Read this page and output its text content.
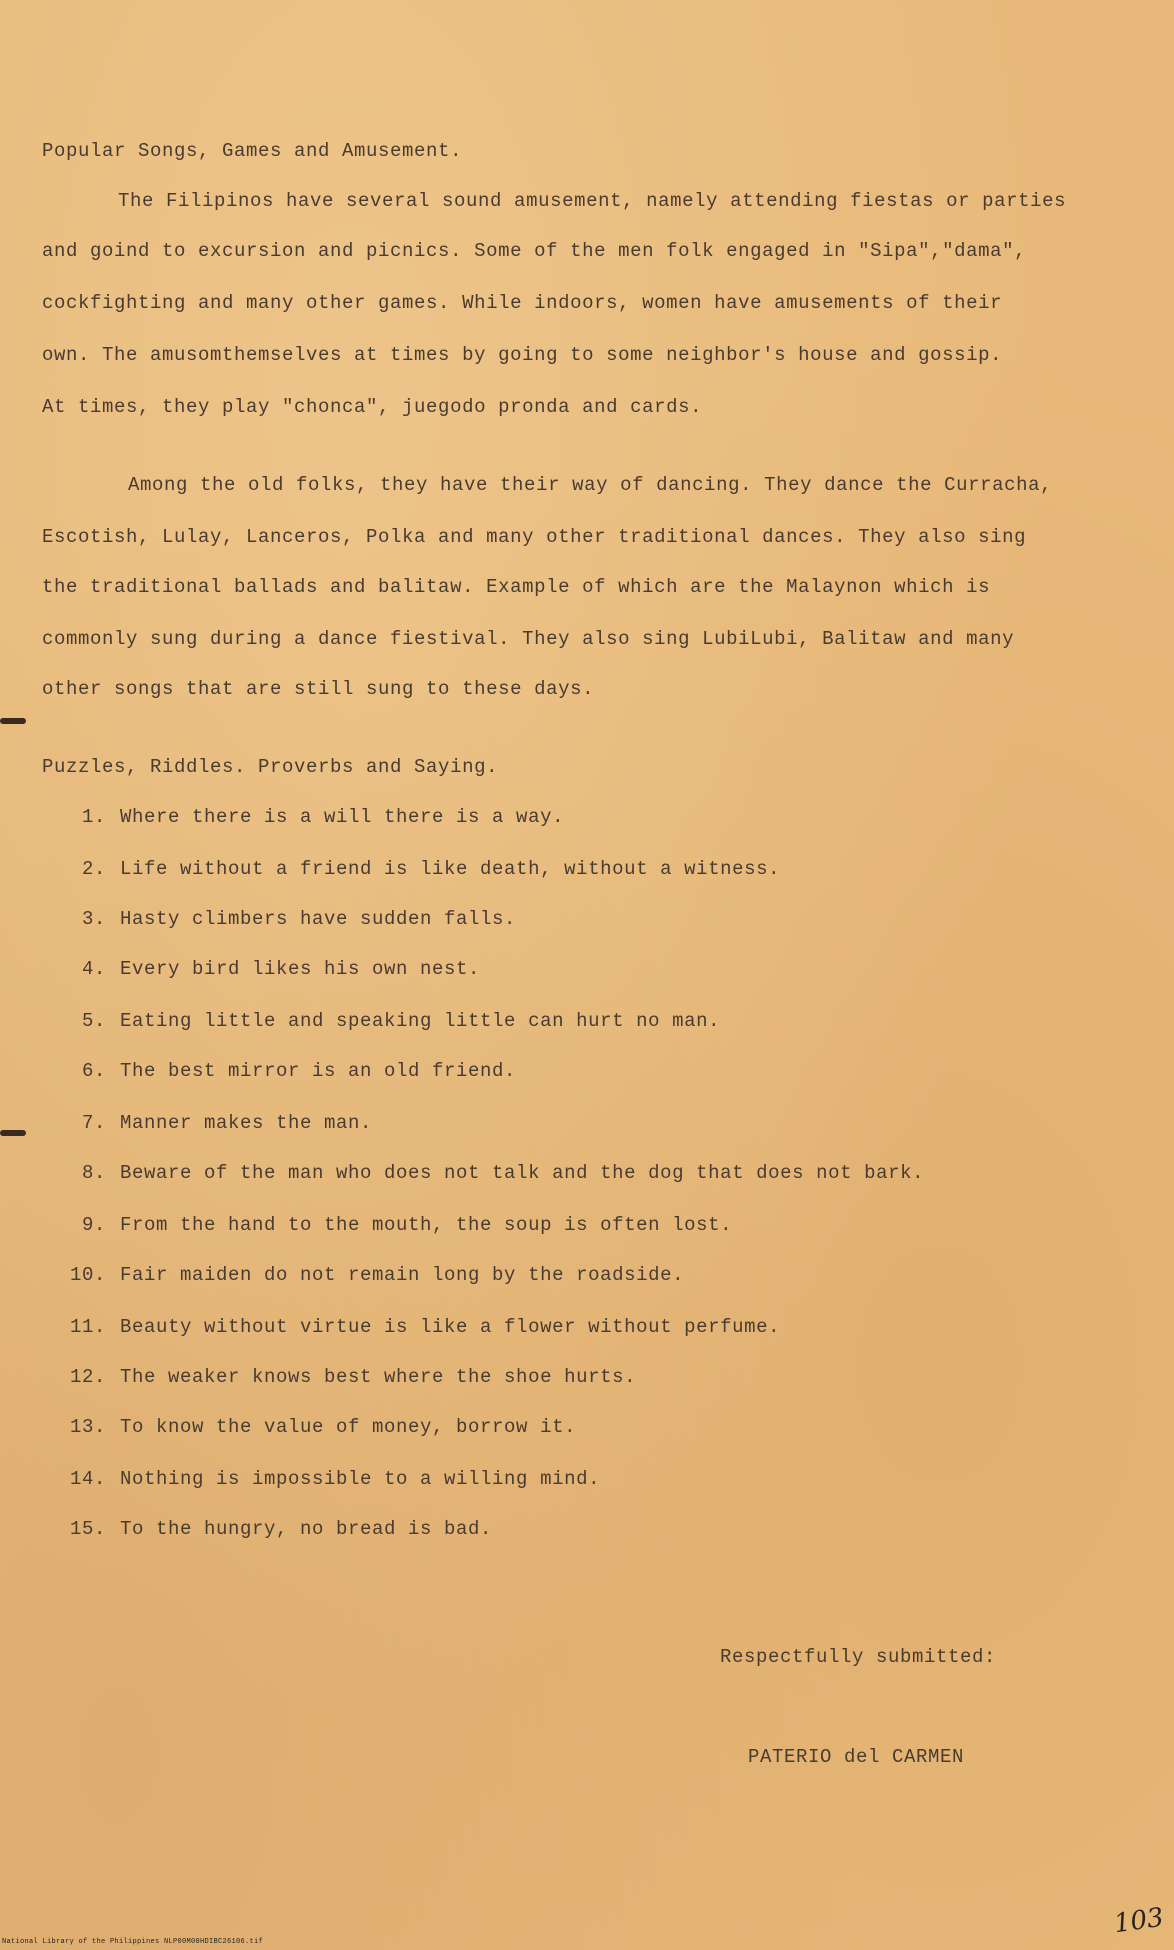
Popular Songs, Games and Amusement.
The Filipinos have several sound amusement, namely attending fiestas or parties
and goind to excursion and picnics. Some of the men folk engaged in "Sipa","dama",
cockfighting and many other games. While indoors, women have amusements of their
own. The amusomthemselves at times by going to some neighbor's house and gossip.
At times, they play "chonca", juegodo pronda and cards.
Among the old folks, they have their way of dancing. They dance the Curracha,
Escotish, Lulay, Lanceros, Polka and many other traditional dances. They also sing
the traditional ballads and balitaw. Example of which are the Malaynon which is
commonly sung during a dance fiestival. They also sing LubiLubi, Balitaw and many
other songs that are still sung to these days.
Puzzles, Riddles. Proverbs and Saying.
1. Where there is a will there is a way.
2. Life without a friend is like death, without a witness.
3. Hasty climbers have sudden falls.
4. Every bird likes his own nest.
5. Eating little and speaking little can hurt no man.
6. The best mirror is an old friend.
7. Manner makes the man.
8. Beware of the man who does not talk and the dog that does not bark.
9. From the hand to the mouth, the soup is often lost.
10. Fair maiden do not remain long by the roadside.
11. Beauty without virtue is like a flower without perfume.
12. The weaker knows best where the shoe hurts.
13. To know the value of money, borrow it.
14. Nothing is impossible to a willing mind.
15. To the hungry, no bread is bad.
Respectfully submitted:
PATERIO del CARMEN
103
National Library of the Philippines NLP00M00HDIBC26106.tif
